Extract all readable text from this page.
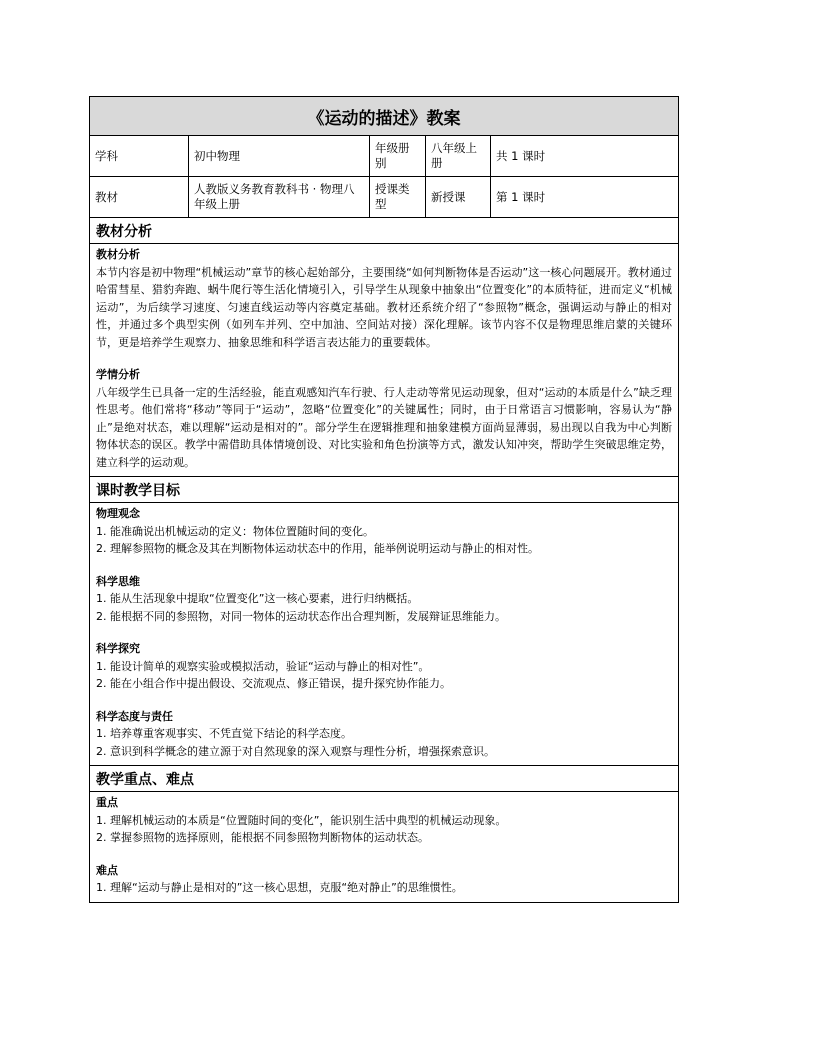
《运动的描述》教案
学科	初中物理
年级册别
八年级上册
共 1 课时
教材
人教版义务教育教科书 · 物理八年级上册
授课类型
新授课	第 1 课时
教材分析
教材分析
本节内容是初中物理“机械运动”章节的核心起始部分，主要围绕“如何判断物体是否运动”这一核心问题展开。教材通过哈雷彗星、猎豹奔跑、蜗牛爬行等生活化情境引入，引导学生从现象中抽象出“位置变化”的本质特征，进而定义“机械运动”，为后续学习速度、匀速直线运动等内容奠定基础。教材还系统介绍了“参照物”概念，强调运动与静止的相对性，并通过多个典型实例（如列车并列、空中加油、空间站对接）深化理解。该节内容不仅是物理思维启蒙的关键环节，更是培养学生观察力、抽象思维和科学语言表达能力的重要载体。
学情分析
八年级学生已具备一定的生活经验，能直观感知汽车行驶、行人走动等常见运动现象，但对“运动的本质是什么”缺乏理性思考。他们常将“移动”等同于“运动”，忽略“位置变化”的关键属性；同时，由于日常语言习惯影响，容易认为“静止”是绝对状态，难以理解“运动是相对的”。部分学生在逻辑推理和抽象建模方面尚显薄弱，易出现以自我为中心判断物体状态的误区。教学中需借助具体情境创设、对比实验和角色扮演等方式，激发认知冲突，帮助学生突破思维定势，建立科学的运动观。
课时教学目标
物理观念
1. 能准确说出机械运动的定义：物体位置随时间的变化。
2. 理解参照物的概念及其在判断物体运动状态中的作用，能举例说明运动与静止的相对性。
科学思维
1. 能从生活现象中提取“位置变化”这一核心要素，进行归纳概括。
2. 能根据不同的参照物，对同一物体的运动状态作出合理判断，发展辩证思维能力。
科学探究
1. 能设计简单的观察实验或模拟活动，验证“运动与静止的相对性”。
2. 能在小组合作中提出假设、交流观点、修正错误，提升探究协作能力。
科学态度与责任
1. 培养尊重客观事实、不凭直觉下结论的科学态度。
2. 意识到科学概念的建立源于对自然现象的深入观察与理性分析，增强探索意识。
教学重点、难点
重点
1. 理解机械运动的本质是“位置随时间的变化”，能识别生活中典型的机械运动现象。
2. 掌握参照物的选择原则，能根据不同参照物判断物体的运动状态。
难点
1. 理解“运动与静止是相对的”这一核心思想，克服“绝对静止”的思维惯性。
